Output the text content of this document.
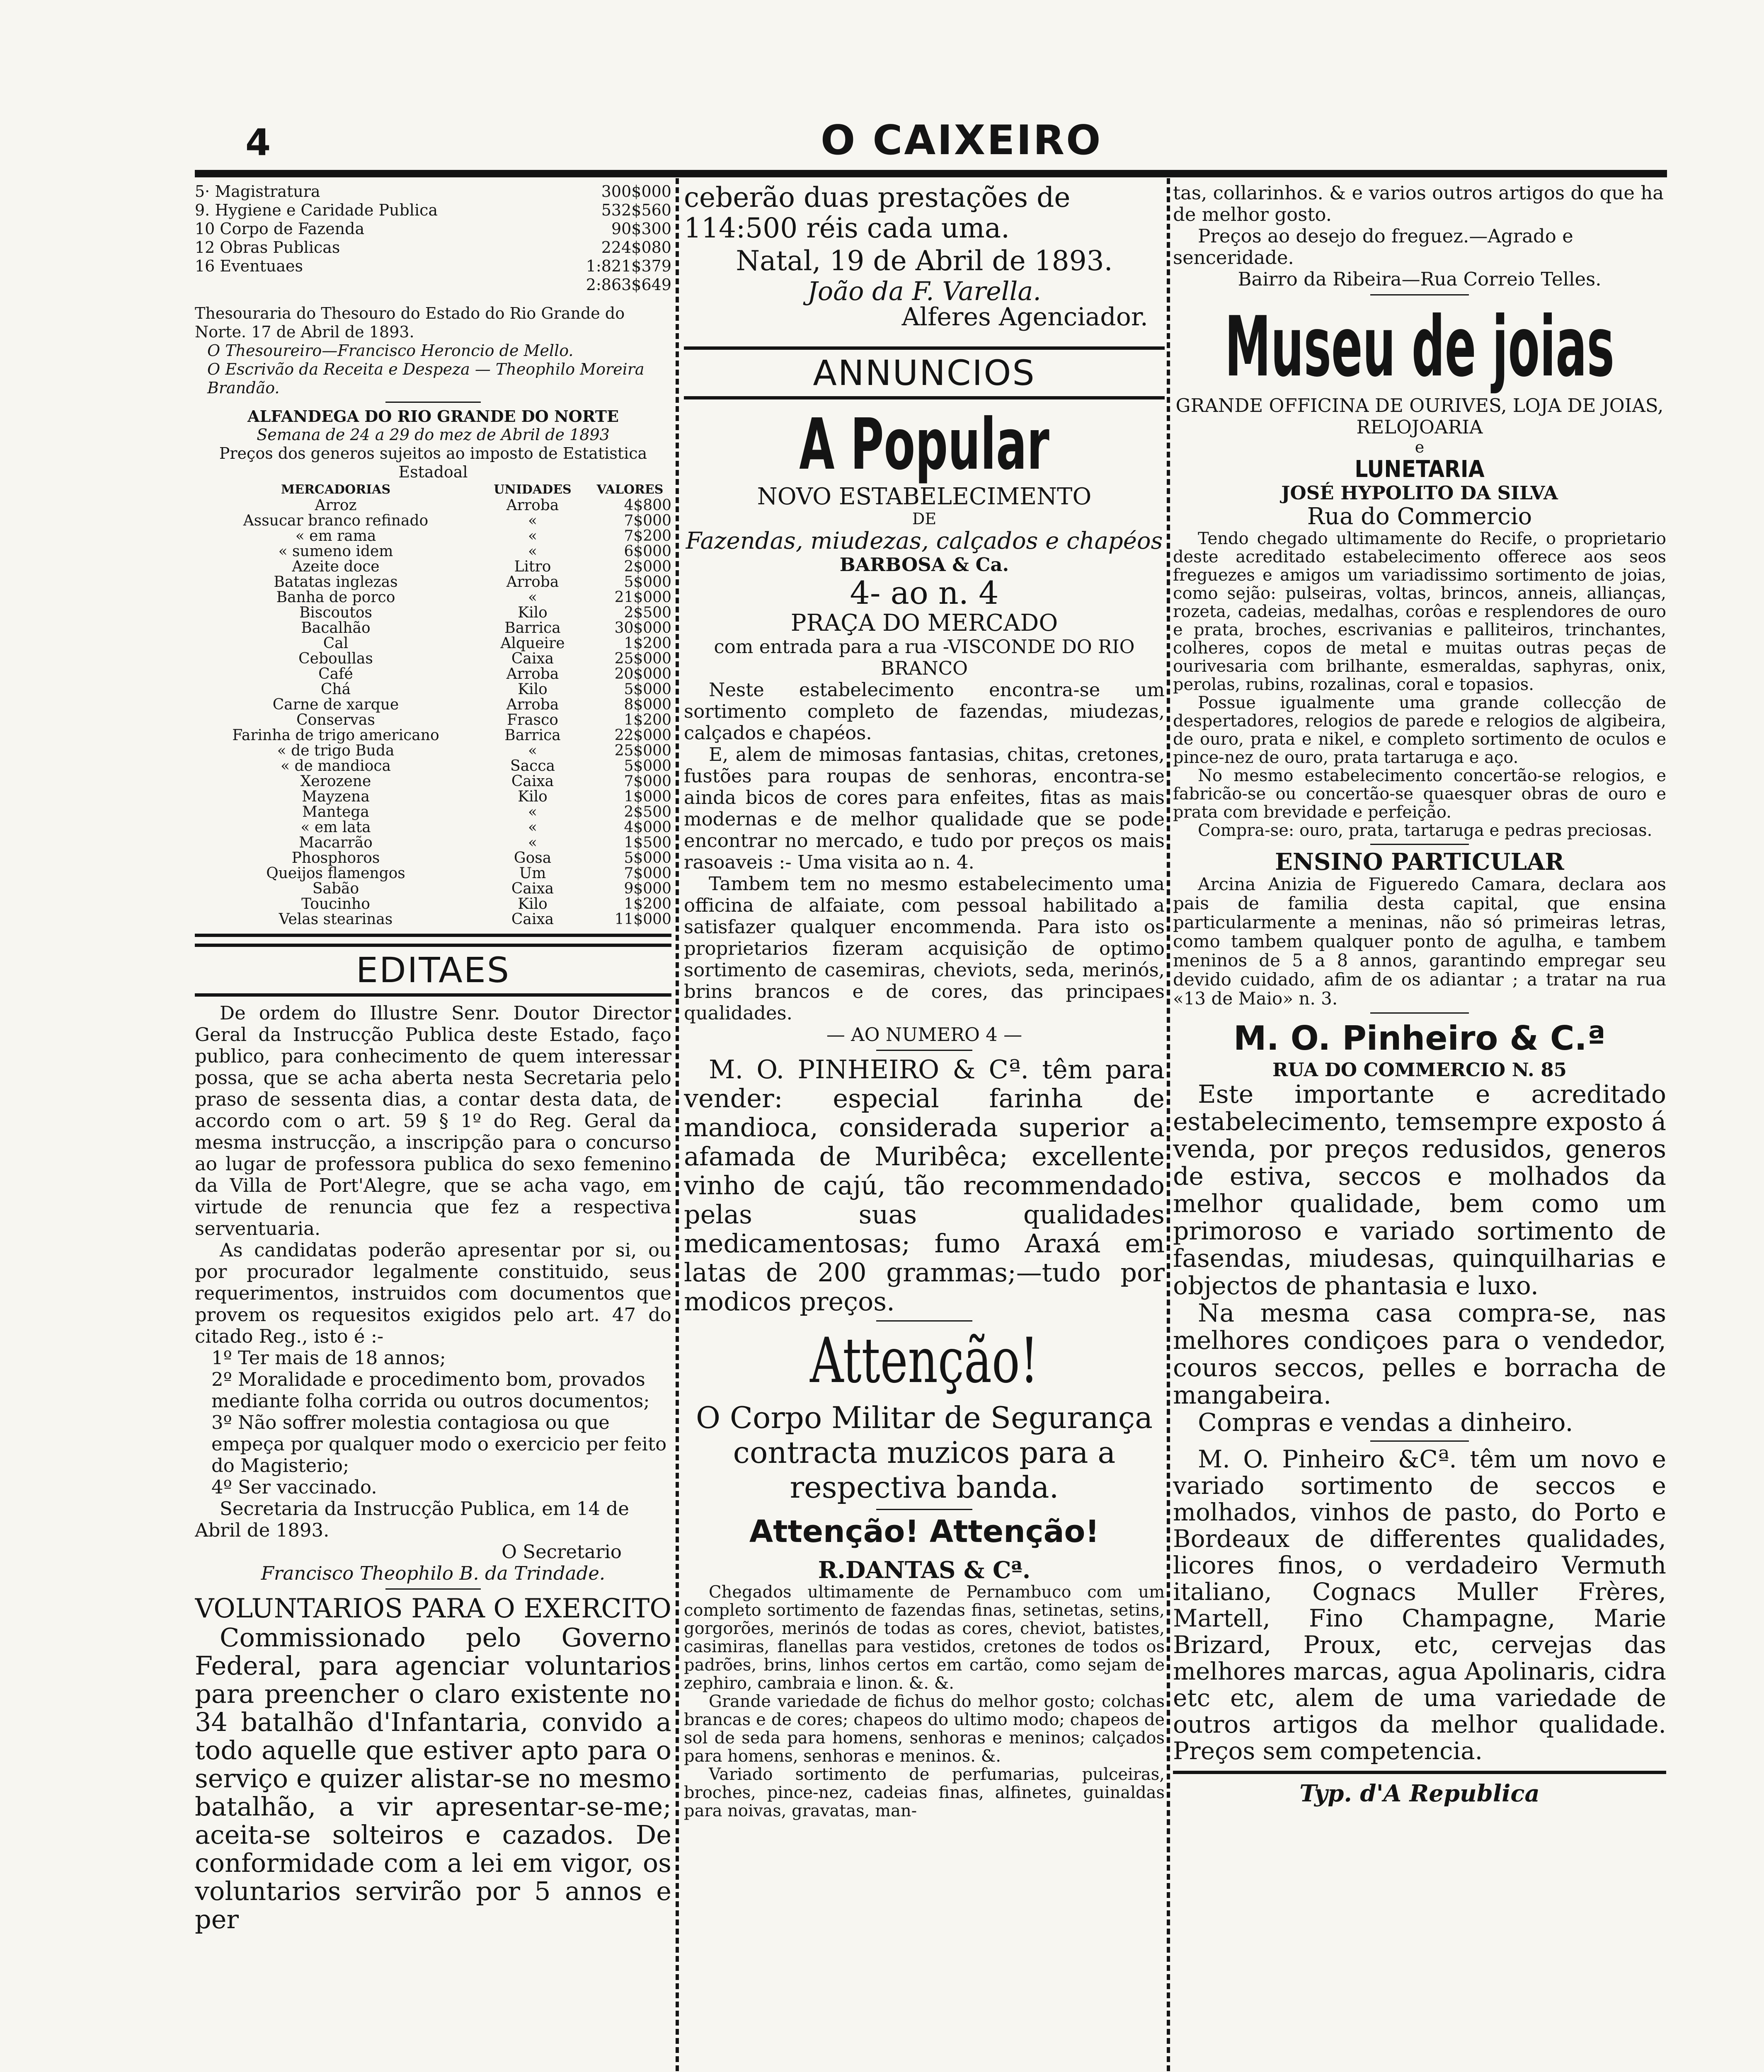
4	O CAIXEIRO
5· Magistratura	300$000
9. Hygiene e Caridade Publica	532$560
10 Corpo de Fazenda	90$300
12 Obras Publicas	224$080
16 Eventuaes	1:821$379
2:863$649

Thesouraria do Thesouro do Estado do Rio Grande do Norte. 17 de Abril de 1893.

O Thesoureiro—Francisco Heroncio de Mello.

O Escrivão da Receita e Despeza — Theophilo Moreira Brandão.

ALFANDEGA DO RIO GRANDE DO NORTE

Semana de 24 a 29 do mez de Abril de 1893

Preços dos generos sujeitos ao imposto de Estatistica Estadoal

MERCADORIAS	UNIDADES	VALORES
Arroz	Arroba	4$800
Assucar branco refinado	«	7$000
« em rama	«	7$200
« sumeno idem	«	6$000
Azeite doce	Litro	2$000
Batatas inglezas	Arroba	5$000
Banha de porco	«	21$000
Biscoutos	Kilo	2$500
Bacalhão	Barrica	30$000
Cal	Alqueire	1$200
Ceboullas	Caixa	25$000
Café	Arroba	20$000
Chá	Kilo	5$000
Carne de xarque	Arroba	8$000
Conservas	Frasco	1$200
Farinha de trigo americano	Barrica	22$000
« de trigo Buda	«	25$000
« de mandioca	Sacca	5$000
Xerozene	Caixa	7$000
Mayzena	Kilo	1$000
Mantega	«	2$500
« em lata	«	4$000
Macarrão	«	1$500
Phosphoros	Gosa	5$000
Queijos flamengos	Um	7$000
Sabão	Caixa	9$000
Toucinho	Kilo	1$200
Velas stearinas	Caixa	11$000
EDITAES

De ordem do Illustre Senr. Doutor Director Geral da Instrucção Publica deste Estado, faço publico, para conhecimento de quem interessar possa, que se acha aberta nesta Secretaria pelo praso de sessenta dias, a contar desta data, de accordo com o art. 59 § 1º do Reg. Geral da mesma instrucção, a inscripção para o concurso ao lugar de professora publica do sexo femenino da Villa de Port'Alegre, que se acha vago, em virtude de renuncia que fez a respectiva serventuaria.

As candidatas poderão apresentar por si, ou por procurador legalmente constituido, seus requerimentos, instruidos com documentos que provem os requesitos exigidos pelo art. 47 do citado Reg., isto é :-

1º Ter mais de 18 annos;

2º Moralidade e procedimento bom, provados mediante folha corrida ou outros documentos;

3º Não soffrer molestia contagiosa ou que empeça por qualquer modo o exercicio per feito do Magisterio;

4º Ser vaccinado.

Secretaria da Instrucção Publica, em 14 de Abril de 1893.

O Secretario

Francisco Theophilo B. da Trindade.

VOLUNTARIOS PARA O EXERCITO

Commissionado pelo Governo Federal, para agenciar voluntarios para preencher o claro existente no 34 batalhão d'Infantaria, convido a todo aquelle que estiver apto para o serviço e quizer alistar-se no mesmo batalhão, a vir apresentar-se-me; aceita-se solteiros e cazados. De conformidade com a lei em vigor, os voluntarios servirão por 5 annos e per

ceberão duas prestações de 114:500 réis cada uma.

Natal, 19 de Abril de 1893.

João da F. Varella.

Alferes Agenciador.

ANNUNCIOS

A Popular

NOVO ESTABELECIMENTO

DE

Fazendas, miudezas, calçados e chapéos

BARBOSA & Ca.

4- ao n. 4

PRAÇA DO MERCADO

com entrada para a rua -VISCONDE DO RIO BRANCO

Neste estabelecimento encontra-se um sortimento completo de fazendas, miudezas, calçados e chapéos.

E, alem de mimosas fantasias, chitas, cretones, fustões para roupas de senhoras, encontra-se ainda bicos de cores para enfeites, fitas as mais modernas e de melhor qualidade que se pode encontrar no mercado, e tudo por preços os mais rasoaveis :- Uma visita ao n. 4.

Tambem tem no mesmo estabelecimento uma officina de alfaiate, com pessoal habilitado a satisfazer qualquer encommenda. Para isto os proprietarios fizeram acquisição de optimo sortimento de casemiras, cheviots, seda, merinós, brins brancos e de cores, das principaes qualidades.

— AO NUMERO 4 —

M. O. PINHEIRO & Cª. têm para vender: especial farinha de mandioca, considerada superior a afamada de Muribêca; excellente vinho de cajú, tão recommendado pelas suas qualidades medicamentosas; fumo Araxá em latas de 200 grammas;—tudo por modicos preços.

Attenção!

O Corpo Militar de Segurança contracta muzicos para a respectiva banda.

Attenção! Attenção!

R.DANTAS & Cª.

Chegados ultimamente de Pernambuco com um completo sortimento de fazendas finas, setinetas, setins, gorgorões, merinós de todas as cores, cheviot, batistes, casimiras, flanellas para vestidos, cretones de todos os padrões, brins, linhos certos em cartão, como sejam de zephiro, cambraia e linon. &. &.

Grande variedade de fichus do melhor gosto; colchas brancas e de cores; chapeos do ultimo modo; chapeos de sol de seda para homens, senhoras e meninos; calçados para homens, senhoras e meninos. &.

Variado sortimento de perfumarias, pulceiras, broches, pince-nez, cadeias finas, alfinetes, guinaldas para noivas, gravatas, man-

tas, collarinhos. & e varios outros artigos do que ha de melhor gosto.

Preços ao desejo do freguez.—Agrado e senceridade.

Bairro da Ribeira—Rua Correio Telles.

Museu de joias

GRANDE OFFICINA DE OURIVES, LOJA DE JOIAS, RELOJOARIA

e

LUNETARIA

JOSÉ HYPOLITO DA SILVA

Rua do Commercio

Tendo chegado ultimamente do Recife, o proprietario deste acreditado estabelecimento offerece aos seos freguezes e amigos um variadissimo sortimento de joias, como sejão: pulseiras, voltas, brincos, anneis, allianças, rozeta, cadeias, medalhas, corôas e resplendores de ouro e prata, broches, escrivanias e palliteiros, trinchantes, colheres, copos de metal e muitas outras peças de ourivesaria com brilhante, esmeraldas, saphyras, onix, perolas, rubins, rozalinas, coral e topasios.

Possue igualmente uma grande collecção de despertadores, relogios de parede e relogios de algibeira, de ouro, prata e nikel, e completo sortimento de oculos e pince-nez de ouro, prata tartaruga e aço.

No mesmo estabelecimento concertão-se relogios, e fabricão-se ou concertão-se quaesquer obras de ouro e prata com brevidade e perfeição.

Compra-se: ouro, prata, tartaruga e pedras preciosas.

ENSINO PARTICULAR

Arcina Anizia de Figueredo Camara, declara aos pais de familia desta capital, que ensina particularmente a meninas, não só primeiras letras, como tambem qualquer ponto de agulha, e tambem meninos de 5 a 8 annos, garantindo empregar seu devido cuidado, afim de os adiantar ; a tratar na rua «13 de Maio» n. 3.

M. O. Pinheiro & C.ª

RUA DO COMMERCIO N. 85

Este importante e acreditado estabelecimento, temsempre exposto á venda, por preços redusidos, generos de estiva, seccos e molhados da melhor qualidade, bem como um primoroso e variado sortimento de fasendas, miudesas, quinquilharias e objectos de phantasia e luxo.

Na mesma casa compra-se, nas melhores condiçoes para o vendedor, couros seccos, pelles e borracha de mangabeira.

Compras e vendas a dinheiro.

M. O. Pinheiro &Cª. têm um novo e variado sortimento de seccos e molhados, vinhos de pasto, do Porto e Bordeaux de differentes qualidades, licores finos, o verdadeiro Vermuth italiano, Cognacs Muller Frères, Martell, Fino Champagne, Marie Brizard, Proux, etc, cervejas das melhores marcas, agua Apolinaris, cidra etc etc, alem de uma variedade de outros artigos da melhor qualidade. Preços sem competencia.

Typ. d'A Republica
